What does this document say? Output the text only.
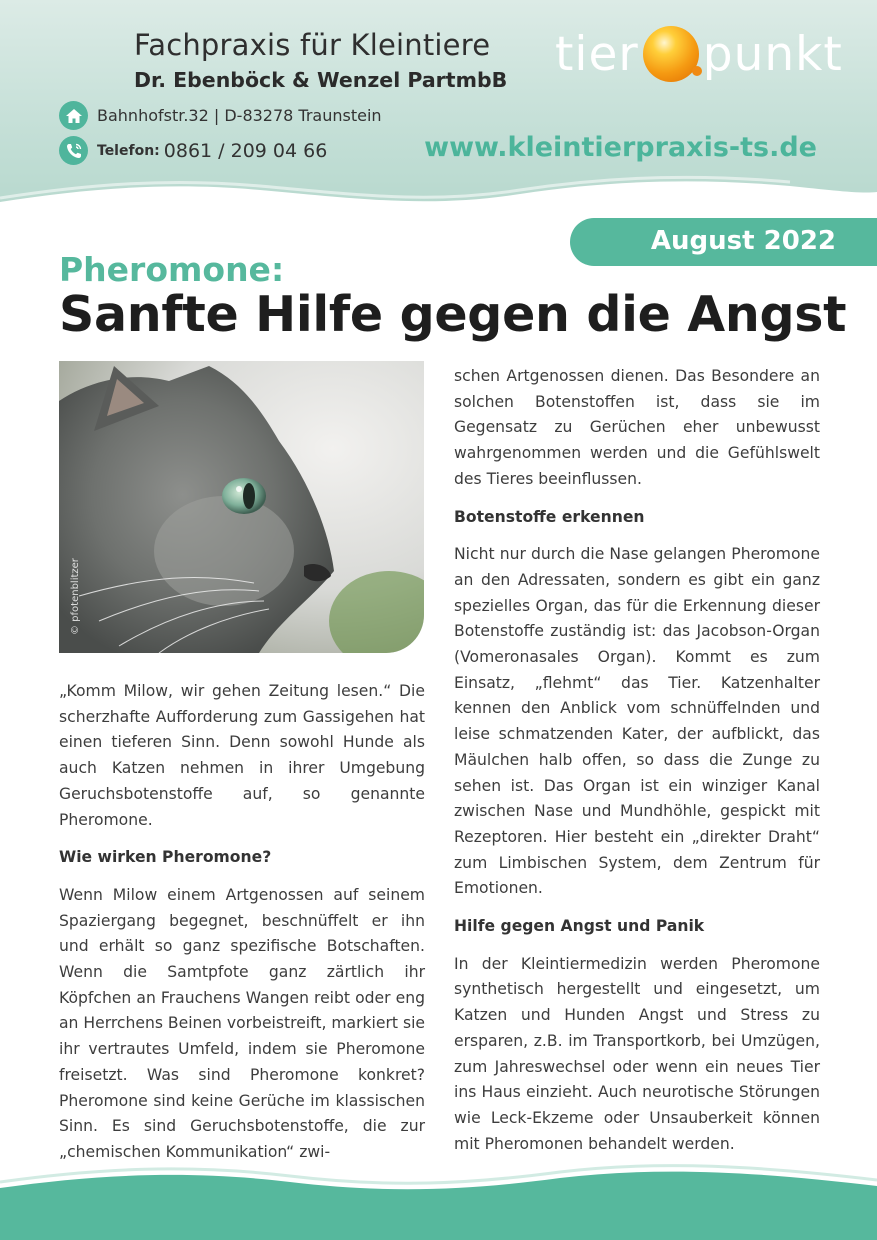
Fachpraxis für Kleintiere
Dr. Ebenböck & Wenzel PartmbB
Bahnhofstr.32 | D-83278 Traunstein
Telefon: 0861 / 209 04 66
tier punkt
www.kleintierpraxis-ts.de
August 2022
Pheromone:
Sanfte Hilfe gegen die Angst
© pfotenblitzer

„Komm Milow, wir gehen Zeitung lesen.“ Die scherzhafte Aufforderung zum Gassigehen hat einen tieferen Sinn. Denn sowohl Hunde als auch Katzen nehmen in ihrer Umgebung Geruchsbotenstoffe auf, so genannte Pheromone.

Wie wirken Pheromone?

Wenn Milow einem Artgenossen auf seinem Spaziergang begegnet, beschnüffelt er ihn und erhält so ganz spezifische Botschaften. Wenn die Samtpfote ganz zärtlich ihr Köpfchen an Frauchens Wangen reibt oder eng an Herrchens Beinen vorbeistreift, markiert sie ihr vertrautes Umfeld, indem sie Pheromone freisetzt. Was sind Pheromone konkret? Pheromone sind keine Gerüche im klassischen Sinn. Es sind Geruchsbotenstoffe, die zur „chemischen Kommunikation“ zwi-

schen Artgenossen dienen. Das Besondere an solchen Botenstoffen ist, dass sie im Gegensatz zu Gerüchen eher unbewusst wahrgenommen werden und die Gefühlswelt des Tieres beeinflussen.

Botenstoffe erkennen

Nicht nur durch die Nase gelangen Pheromone an den Adressaten, sondern es gibt ein ganz spezielles Organ, das für die Erkennung dieser Botenstoffe zuständig ist: das Jacobson-Organ (Vomeronasales Organ). Kommt es zum Einsatz, „flehmt“ das Tier. Katzenhalter kennen den Anblick vom schnüffelnden und leise schmatzenden Kater, der aufblickt, das Mäulchen halb offen, so dass die Zunge zu sehen ist. Das Organ ist ein winziger Kanal zwischen Nase und Mundhöhle, gespickt mit Rezeptoren. Hier besteht ein „direkter Draht“ zum Limbischen System, dem Zentrum für Emotionen.

Hilfe gegen Angst und Panik

In der Kleintiermedizin werden Pheromone synthetisch hergestellt und eingesetzt, um Katzen und Hunden Angst und Stress zu ersparen, z.B. im Transportkorb, bei Umzügen, zum Jahreswechsel oder wenn ein neues Tier ins Haus einzieht. Auch neurotische Störungen wie Leck-Ekzeme oder Unsauberkeit können mit Pheromonen behandelt werden.
